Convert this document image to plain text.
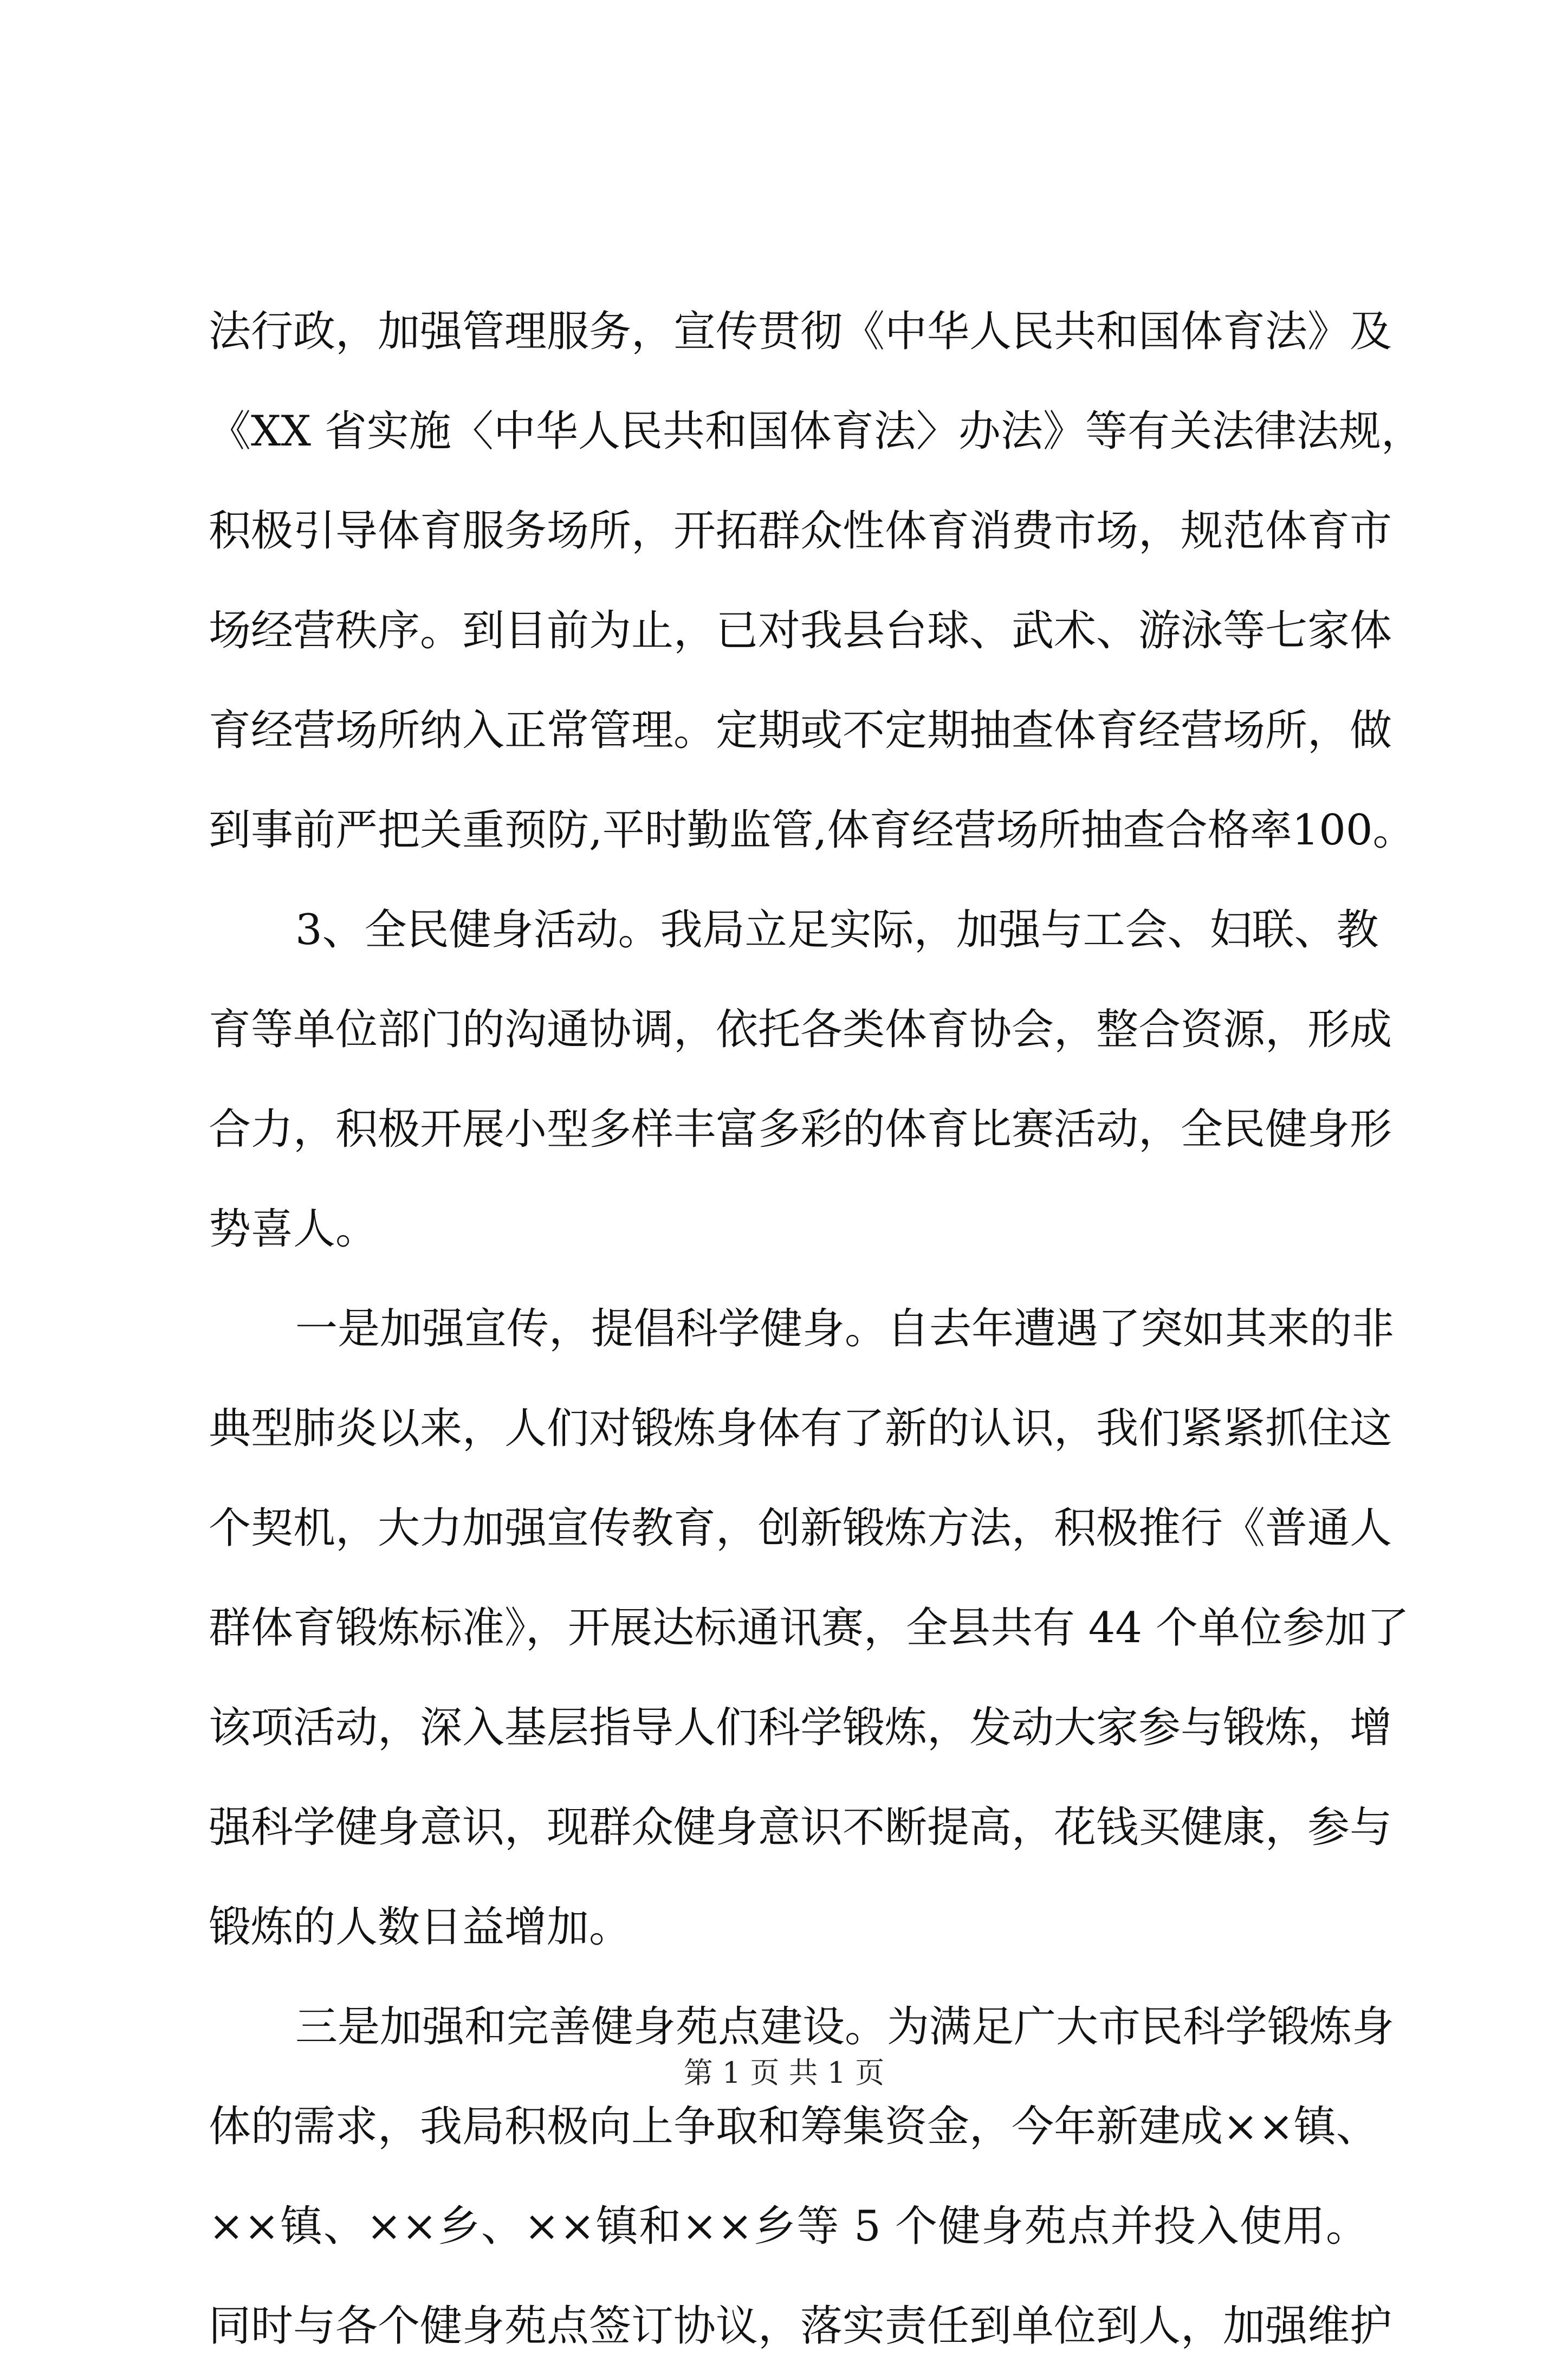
法行政，加强管理服务，宣传贯彻《中华人民共和国体育法》及
《XX 省实施〈中华人民共和国体育法〉办法》等有关法律法规，
积极引导体育服务场所，开拓群众性体育消费市场，规范体育市
场经营秩序。到目前为止，已对我县台球、武术、游泳等七家体
育经营场所纳入正常管理。定期或不定期抽查体育经营场所，做
到事前严把关重预防,平时勤监管,体育经营场所抽查合格率100。
3、全民健身活动。我局立足实际，加强与工会、妇联、教
育等单位部门的沟通协调，依托各类体育协会，整合资源，形成
合力，积极开展小型多样丰富多彩的体育比赛活动，全民健身形
势喜人。
一是加强宣传，提倡科学健身。自去年遭遇了突如其来的非
典型肺炎以来，人们对锻炼身体有了新的认识，我们紧紧抓住这
个契机，大力加强宣传教育，创新锻炼方法，积极推行《普通人
群体育锻炼标准》，开展达标通讯赛，全县共有 44 个单位参加了
该项活动，深入基层指导人们科学锻炼，发动大家参与锻炼，增
强科学健身意识，现群众健身意识不断提高，花钱买健康，参与
锻炼的人数日益增加。
三是加强和完善健身苑点建设。为满足广大市民科学锻炼身
体的需求，我局积极向上争取和筹集资金，今年新建成××镇、
××镇、××乡、××镇和××乡等 5 个健身苑点并投入使用。
同时与各个健身苑点签订协议，落实责任到单位到人，加强维护
第 1 页 共 1 页
